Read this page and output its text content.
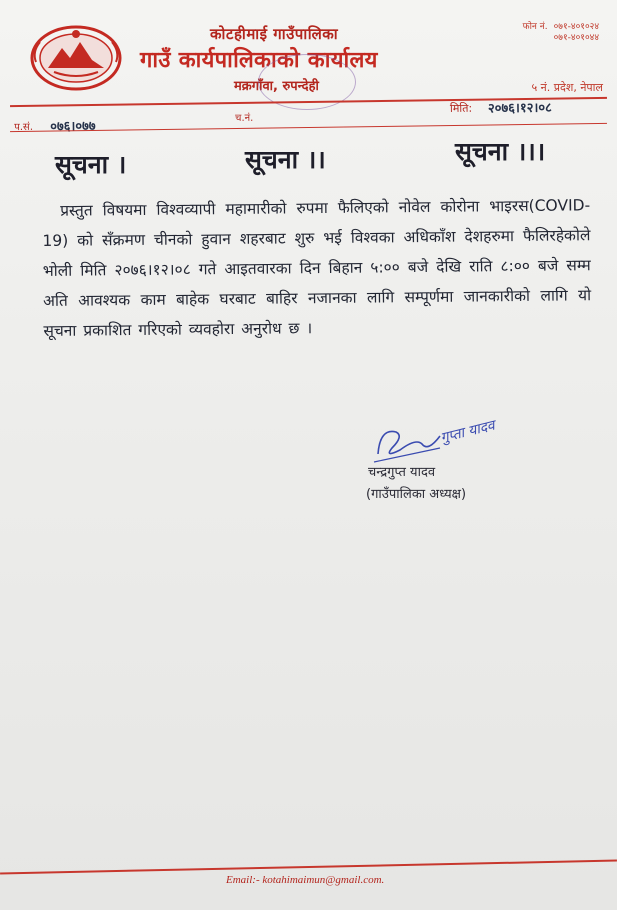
कोटहीमाई गाउँपालिका
गाउँ कार्यपालिकाको कार्यालय
मक्रगाँवा, रुपन्देही
फोन नं. ०७१-४०१०२४
०७१-४०१०४४
५ नं. प्रदेश, नेपाल
प.सं. ०७६।०७७
च.नं.
मिति: २०७६।१२।०८
सूचना ।	सूचना ।।	सूचना ।।।
प्रस्तुत विषयमा विश्वव्यापी महामारीको रुपमा फैलिएको नोवेल कोरोना भाइरस(COVID-19) को सँक्रमण चीनको हुवान शहरबाट शुरु भई विश्वका अधिकाँश देशहरुमा फैलिरहेकोले भोली मिति २०७६।१२।०८ गते आइतवारका दिन बिहान ५:०० बजे देखि राति ८:०० बजे सम्म अति आवश्यक काम बाहेक घरबाट बाहिर नजानका लागि सम्पूर्णमा जानकारीको लागि यो सूचना प्रकाशित गरिएको व्यवहोरा अनुरोध छ ।
गुप्ता यादव
चन्द्रगुप्त यादव
(गाउँपालिका अध्यक्ष)
Email:- kotahimaimun@gmail.com.
